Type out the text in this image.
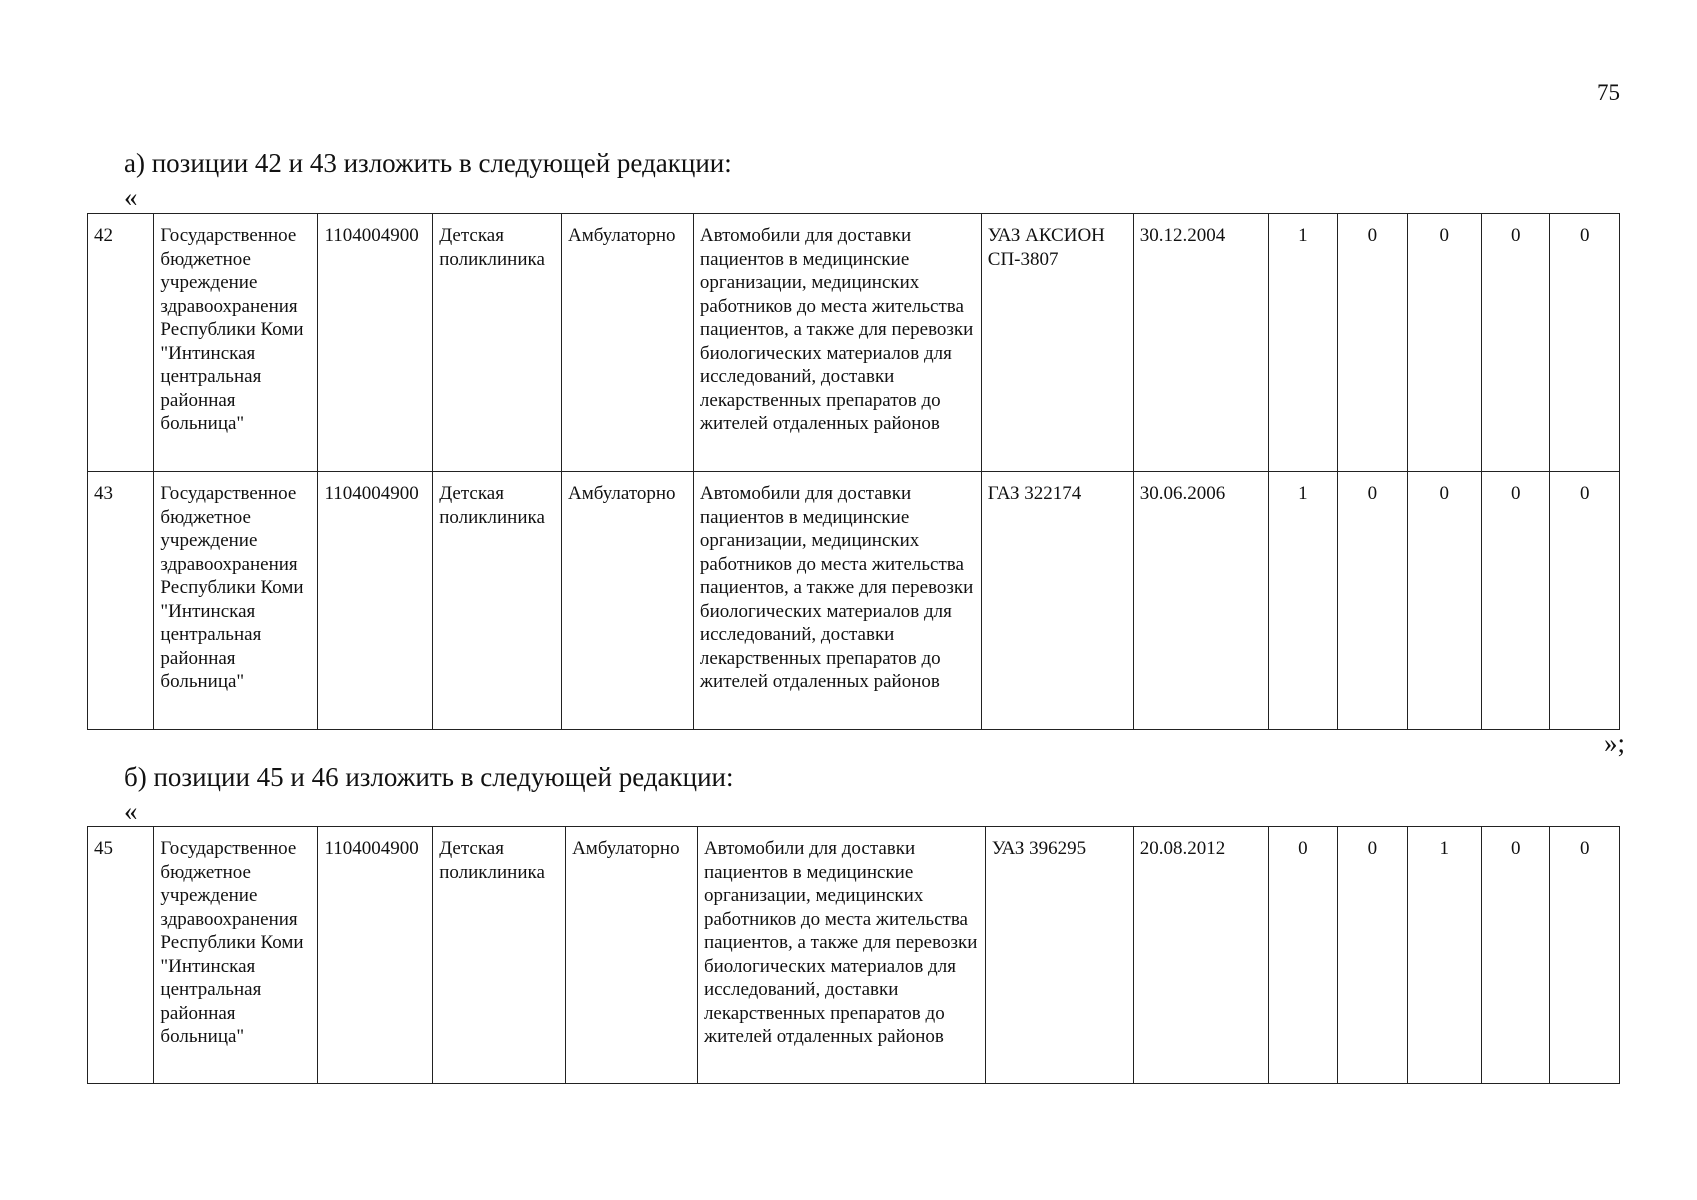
75
а) позиции 42 и 43 изложить в следующей редакции:
«
42	Государственное бюджетное учреждение здравоохранения Республики Коми "Интинская центральная районная больница"	1104004900	Детская поликлиника	Амбулаторно	Автомобили для доставки пациентов в медицинские организации, медицинских работников до места жительства пациентов, а также для перевозки биологических материалов для исследований, доставки лекарственных препаратов до жителей отдаленных районов	УАЗ АКСИОН СП-3807	30.12.2004	1	0	0	0	0
43	Государственное бюджетное учреждение здравоохранения Республики Коми "Интинская центральная районная больница"	1104004900	Детская поликлиника	Амбулаторно	Автомобили для доставки пациентов в медицинские организации, медицинских работников до места жительства пациентов, а также для перевозки биологических материалов для исследований, доставки лекарственных препаратов до жителей отдаленных районов	ГАЗ 322174	30.06.2006	1	0	0	0	0
»;
б) позиции 45 и 46 изложить в следующей редакции:
«
45	Государственное бюджетное учреждение здравоохранения Республики Коми "Интинская центральная районная больница"	1104004900	Детская поликлиника	Амбулаторно	Автомобили для доставки пациентов в медицинские организации, медицинских работников до места жительства пациентов, а также для перевозки биологических материалов для исследований, доставки лекарственных препаратов до жителей отдаленных районов	УАЗ 396295	20.08.2012	0	0	1	0	0
